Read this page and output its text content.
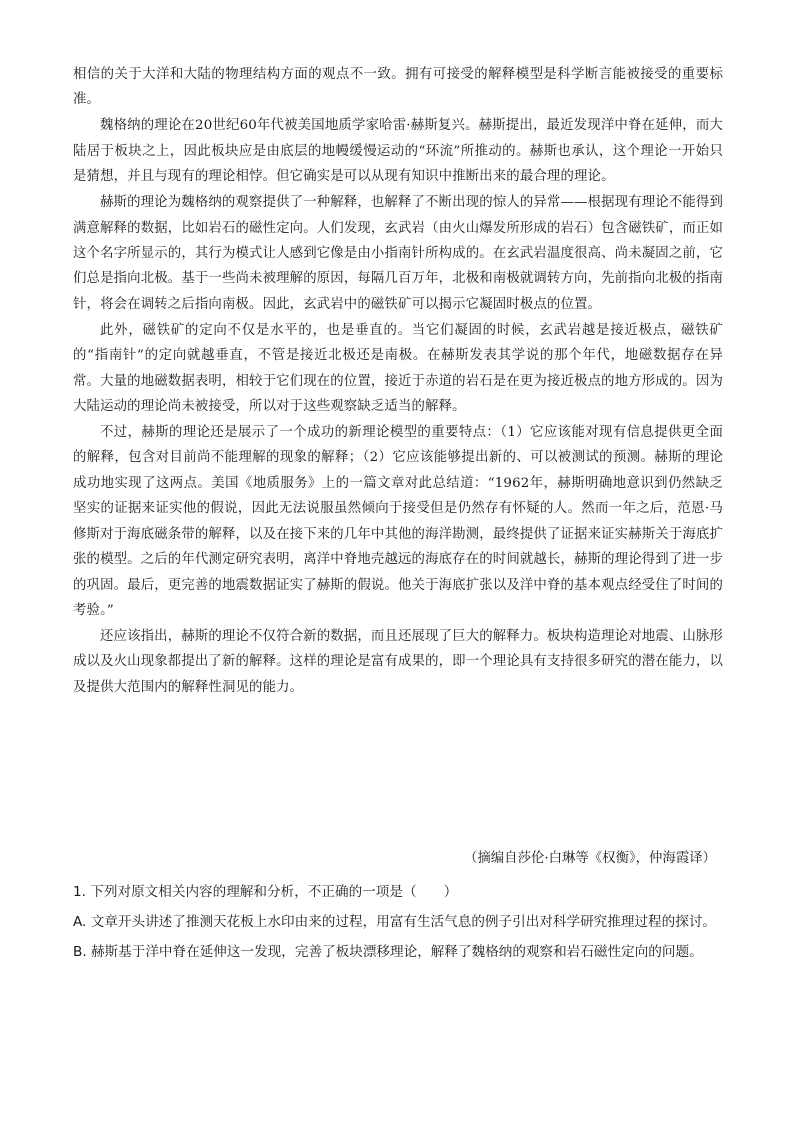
相信的关于大洋和大陆的物理结构方面的观点不一致。拥有可接受的解释模型是科学断言能被接受的重要标准。

魏格纳的理论在20世纪60年代被美国地质学家哈雷·赫斯复兴。赫斯提出，最近发现洋中脊在延伸，而大陆居于板块之上，因此板块应是由底层的地幔缓慢运动的“环流”所推动的。赫斯也承认，这个理论一开始只是猜想，并且与现有的理论相悖。但它确实是可以从现有知识中推断出来的最合理的理论。

赫斯的理论为魏格纳的观察提供了一种解释，也解释了不断出现的惊人的异常——根据现有理论不能得到满意解释的数据，比如岩石的磁性定向。人们发现，玄武岩（由火山爆发所形成的岩石）包含磁铁矿，而正如这个名字所显示的，其行为模式让人感到它像是由小指南针所构成的。在玄武岩温度很高、尚未凝固之前，它们总是指向北极。基于一些尚未被理解的原因，每隔几百万年，北极和南极就调转方向，先前指向北极的指南针，将会在调转之后指向南极。因此，玄武岩中的磁铁矿可以揭示它凝固时极点的位置。

此外，磁铁矿的定向不仅是水平的，也是垂直的。当它们凝固的时候，玄武岩越是接近极点，磁铁矿的“指南针”的定向就越垂直，不管是接近北极还是南极。在赫斯发表其学说的那个年代，地磁数据存在异常。大量的地磁数据表明，相较于它们现在的位置，接近于赤道的岩石是在更为接近极点的地方形成的。因为大陆运动的理论尚未被接受，所以对于这些观察缺乏适当的解释。

不过，赫斯的理论还是展示了一个成功的新理论模型的重要特点：（1）它应该能对现有信息提供更全面的解释，包含对目前尚不能理解的现象的解释；（2）它应该能够提出新的、可以被测试的预测。赫斯的理论成功地实现了这两点。美国《地质服务》上的一篇文章对此总结道：“1962年，赫斯明确地意识到仍然缺乏坚实的证据来证实他的假说，因此无法说服虽然倾向于接受但是仍然存有怀疑的人。然而一年之后，范恩·马修斯对于海底磁条带的解释，以及在接下来的几年中其他的海洋勘测，最终提供了证据来证实赫斯关于海底扩张的模型。之后的年代测定研究表明，离洋中脊地壳越远的海底存在的时间就越长，赫斯的理论得到了进一步的巩固。最后，更完善的地震数据证实了赫斯的假说。他关于海底扩张以及洋中脊的基本观点经受住了时间的考验。”

还应该指出，赫斯的理论不仅符合新的数据，而且还展现了巨大的解释力。板块构造理论对地震、山脉形成以及火山现象都提出了新的解释。这样的理论是富有成果的，即一个理论具有支持很多研究的潜在能力，以及提供大范围内的解释性洞见的能力。

（摘编自莎伦·白琳等《权衡》，仲海霞译）

1. 下列对原文相关内容的理解和分析，不正确的一项是（　　）

A. 文章开头讲述了推测天花板上水印由来的过程，用富有生活气息的例子引出对科学研究推理过程的探讨。

B. 赫斯基于洋中脊在延伸这一发现，完善了板块漂移理论，解释了魏格纳的观察和岩石磁性定向的问题。
